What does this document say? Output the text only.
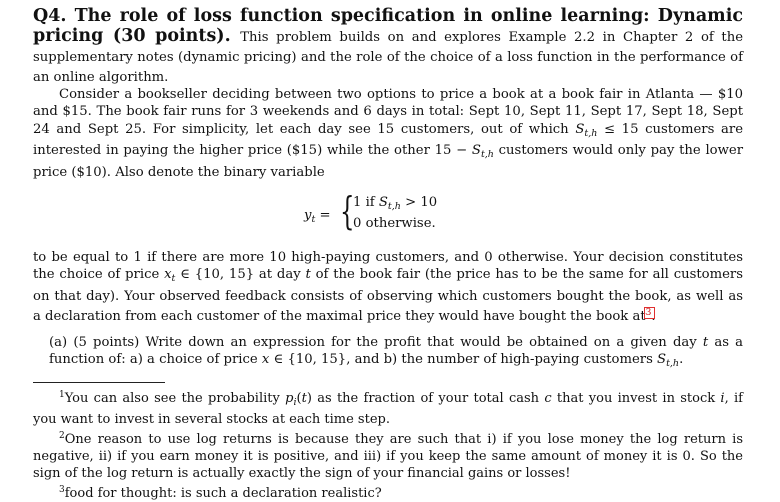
Q4. The role of loss function specification in online learning: Dynamic pricing (30 points). This problem builds on and explores Example 2.2 in Chapter 2 of the supplementary notes (dynamic pricing) and the role of the choice of a loss function in the performance of an online algorithm.

Consider a bookseller deciding between two options to price a book at a book fair in Atlanta — $10 and $15. The book fair runs for 3 weekends and 6 days in total: Sept 10, Sept 11, Sept 17, Sept 18, Sept 24 and Sept 25. For simplicity, let each day see 15 customers, out of which $S_{t,h} \le 15$ customers are interested in paying the higher price ($15) while the other $15 - S_{t,h}$ customers would only pay the lower price ($10). Also denote the binary variable

$y_t$ = {
1 if $S_{t,h} > 10$
0 otherwise.

to be equal to 1 if there are more 10 high-paying customers, and 0 otherwise. Your decision constitutes the choice of price $x_t$ ∈ {10, 15} at day t of the book fair (the price has to be the same for all customers on that day). Your observed feedback consists of observing which customers bought the book, as well as a declaration from each customer of the maximal price they would have bought the book at$^3$.

(a) (5 points) Write down an expression for the profit that would be obtained on a given day t as a function of: a) a choice of price x ∈ {10, 15}, and b) the number of high-paying customers $S_{t,h}$.

$^1$You can also see the probability $p_i(t)$ as the fraction of your total cash c that you invest in stock i, if you want to invest in several stocks at each time step.

$^2$One reason to use log returns is because they are such that i) if you lose money the log return is negative, ii) if you earn money it is positive, and iii) if you keep the same amount of money it is 0. So the sign of the log return is actually exactly the sign of your financial gains or losses!

$^3$food for thought: is such a declaration realistic?
